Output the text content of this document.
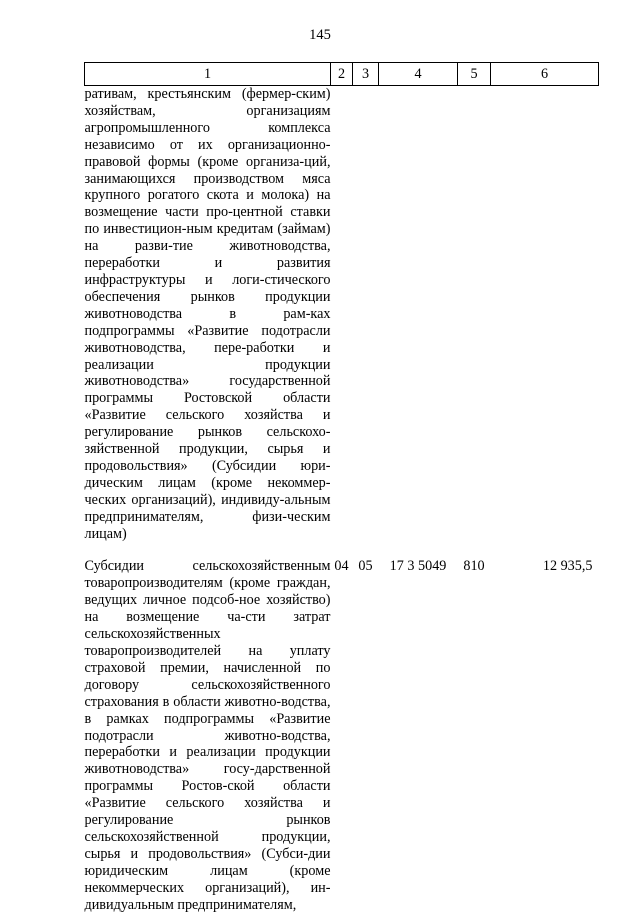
145
1	2	3	4	5	6
ративам, крестьянским (фермер-ским) хозяйствам, организациям агропромышленного комплекса независимо от их организационно-правовой формы (кроме организа-ций, занимающихся производством мяса крупного рогатого скота и молока) на возмещение части про-центной ставки по инвестицион-ным кредитам (займам) на разви-тие животноводства, переработки и развития инфраструктуры и логи-стического обеспечения рынков продукции животноводства в рам-ках подпрограммы «Развитие подотрасли животноводства, пере-работки и реализации продукции животноводства» государственной программы Ростовской области «Развитие сельского хозяйства и регулирование рынков сельскохо-зяйственной продукции, сырья и продовольствия» (Субсидии юри-дическим лицам (кроме некоммер-ческих организаций), индивиду-альным предпринимателям, физи-ческим лицам)					
Субсидии сельскохозяйственным товаропроизводителям (кроме граждан, ведущих личное подсоб-ное хозяйство) на возмещение ча-сти затрат сельскохозяйственных товаропроизводителей на уплату страховой премии, начисленной по договору сельскохозяйственного страхования в области животно-водства, в рамках подпрограммы «Развитие подотрасли животно-водства, переработки и реализации продукции животноводства» госу-дарственной программы Ростов-ской области «Развитие сельского хозяйства и регулирование рынков сельскохозяйственной продукции, сырья и продовольствия» (Субси-дии юридическим лицам (кроме некоммерческих организаций), ин-дивидуальным предпринимателям,	04	05	17 3 5049	810	12 935,5
